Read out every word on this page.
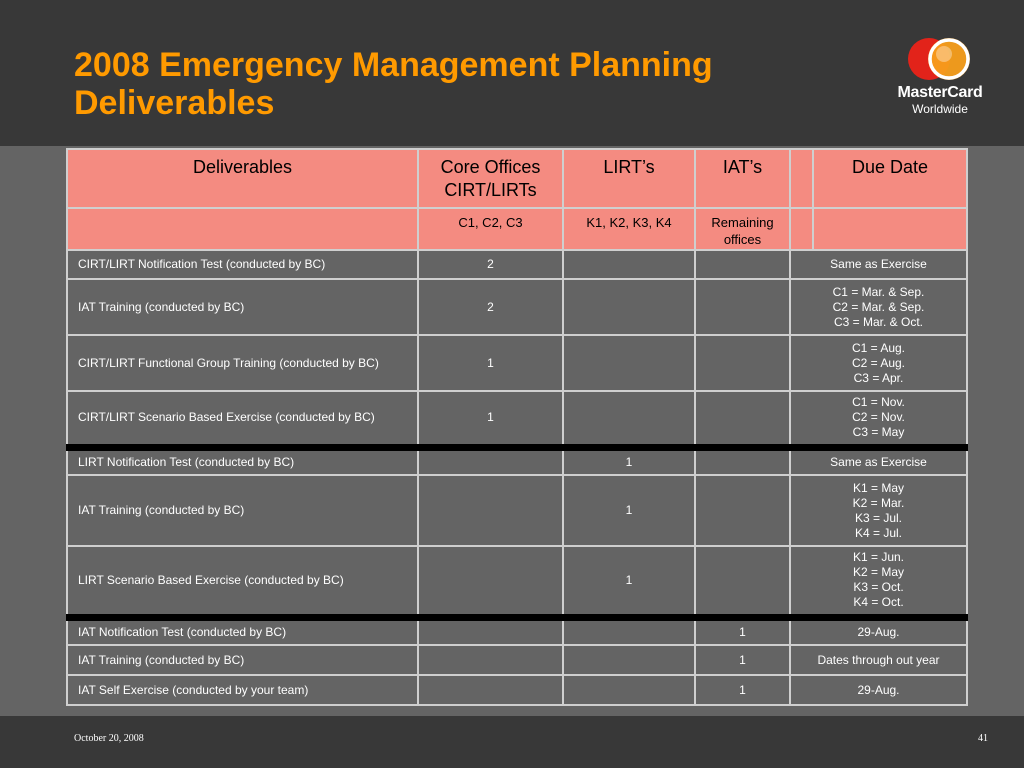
2008 Emergency Management Planning
Deliverables	MasterCard
Worldwide
Deliverables	Core Offices CIRT/LIRTs	LIRT’s	IAT’s		Due Date
	C1, C2, C3	K1, K2, K3, K4	Remaining offices		
CIRT/LIRT Notification Test (conducted by BC)	2			Same as Exercise	
IAT Training (conducted by BC)	2			C1 = Mar. & Sep.
C2 = Mar. & Sep.
C3 = Mar. & Oct.	
CIRT/LIRT Functional Group Training (conducted by BC)	1			C1 = Aug.
C2 = Aug.
C3 = Apr.	
CIRT/LIRT Scenario Based Exercise (conducted by BC)	1			C1 = Nov.
C2 = Nov.
C3 = May	
LIRT Notification Test (conducted by BC)		1		Same as Exercise	
IAT Training (conducted by BC)		1		K1 = May
K2 = Mar.
K3 = Jul.
K4 = Jul.	
LIRT Scenario Based Exercise (conducted by BC)		1		K1 = Jun.
K2 = May
K3 = Oct.
K4 = Oct.	
IAT Notification Test (conducted by BC)			1	29-Aug.	
IAT Training (conducted by BC)			1	Dates through out year	
IAT Self Exercise (conducted by your team)			1	29-Aug.	
October 20, 2008	41
